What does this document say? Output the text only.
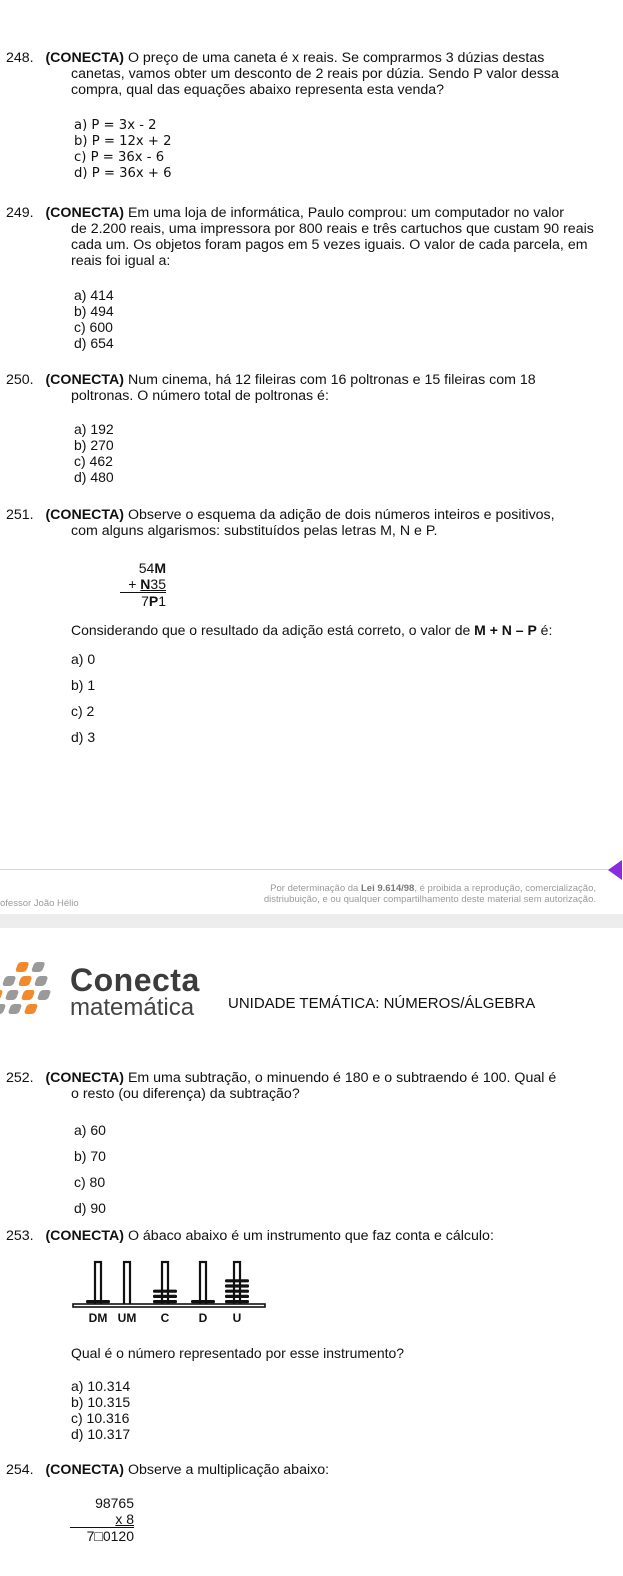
248. (CONECTA) O preço de uma caneta é x reais. Se comprarmos 3 dúzias destas
canetas, vamos obter um desconto de 2 reais por dúzia. Sendo P valor dessa
compra, qual das equações abaixo representa esta venda?
a) P = 3x - 2
b) P = 12x + 2
c) P = 36x - 6
d) P = 36x + 6
249. (CONECTA) Em uma loja de informática, Paulo comprou: um computador no valor
de 2.200 reais, uma impressora por 800 reais e três cartuchos que custam 90 reais
cada um. Os objetos foram pagos em 5 vezes iguais. O valor de cada parcela, em
reais foi igual a:
a) 414
b) 494
c) 600
d) 654
250. (CONECTA) Num cinema, há 12 fileiras com 16 poltronas e 15 fileiras com 18
poltronas. O número total de poltronas é:
a) 192
b) 270
c) 462
d) 480
251. (CONECTA) Observe o esquema da adição de dois números inteiros e positivos,
com alguns algarismos: substituídos pelas letras M, N e P.
54M
+ N35
7P1
Considerando que o resultado da adição está correto, o valor de M + N – P é:
a) 0
b) 1
c) 2
d) 3
ofessor João Hélio
Por determinação da Lei 9.614/98, é proibida a reprodução, comercialização,
distriubuição, e ou qualquer compartilhamento deste material sem autorização.
Conecta
matemática UNIDADE TEMÁTICA: NÚMEROS/ÁLGEBRA
252. (CONECTA) Em uma subtração, o minuendo é 180 e o subtraendo é 100. Qual é
o resto (ou diferença) da subtração?
a) 60
b) 70
c) 80
d) 90
253. (CONECTA) O ábaco abaixo é um instrumento que faz conta e cálculo:
DM UM C D U
Qual é o número representado por esse instrumento?
a) 10.314
b) 10.315
c) 10.316
d) 10.317
254. (CONECTA) Observe a multiplicação abaixo:
98765
x 8
7□0120
